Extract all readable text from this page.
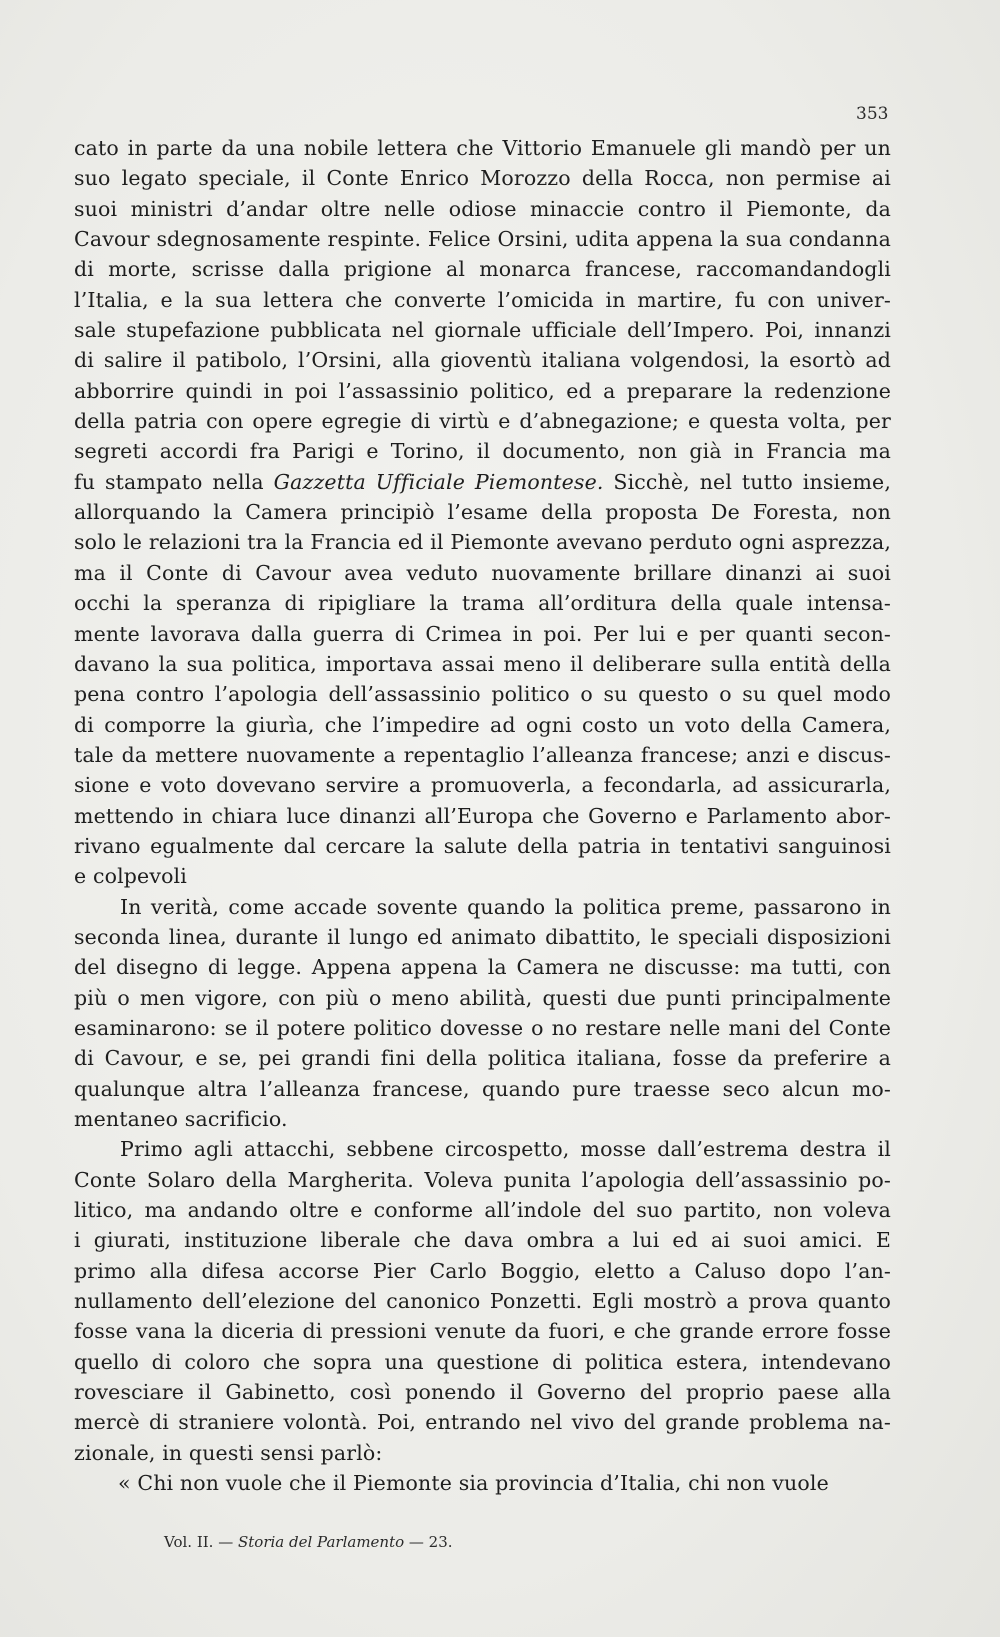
353
cato in parte da una nobile lettera che Vittorio Emanuele gli mandò per un
suo legato speciale, il Conte Enrico Morozzo della Rocca, non permise ai
suoi ministri d’andar oltre nelle odiose minaccie contro il Piemonte, da
Cavour sdegnosamente respinte. Felice Orsini, udita appena la sua condanna
di morte, scrisse dalla prigione al monarca francese, raccomandandogli
l’Italia, e la sua lettera che converte l’omicida in martire, fu con univer-
sale stupefazione pubblicata nel giornale ufficiale dell’Impero. Poi, innanzi
di salire il patibolo, l’Orsini, alla gioventù italiana volgendosi, la esortò ad
abborrire quindi in poi l’assassinio politico, ed a preparare la redenzione
della patria con opere egregie di virtù e d’abnegazione; e questa volta, per
segreti accordi fra Parigi e Torino, il documento, non già in Francia ma
fu stampato nella Gazzetta Ufficiale Piemontese. Sicchè, nel tutto insieme,
allorquando la Camera principiò l’esame della proposta De Foresta, non
solo le relazioni tra la Francia ed il Piemonte avevano perduto ogni asprezza,
ma il Conte di Cavour avea veduto nuovamente brillare dinanzi ai suoi
occhi la speranza di ripigliare la trama all’orditura della quale intensa-
mente lavorava dalla guerra di Crimea in poi. Per lui e per quanti secon-
davano la sua politica, importava assai meno il deliberare sulla entità della
pena contro l’apologia dell’assassinio politico o su questo o su quel modo
di comporre la giurìa, che l’impedire ad ogni costo un voto della Camera,
tale da mettere nuovamente a repentaglio l’alleanza francese; anzi e discus-
sione e voto dovevano servire a promuoverla, a fecondarla, ad assicurarla,
mettendo in chiara luce dinanzi all’Europa che Governo e Parlamento abor-
rivano egualmente dal cercare la salute della patria in tentativi sanguinosi
e colpevoli
In verità, come accade sovente quando la politica preme, passarono in
seconda linea, durante il lungo ed animato dibattito, le speciali disposizioni
del disegno di legge. Appena appena la Camera ne discusse: ma tutti, con
più o men vigore, con più o meno abilità, questi due punti principalmente
esaminarono: se il potere politico dovesse o no restare nelle mani del Conte
di Cavour, e se, pei grandi fini della politica italiana, fosse da preferire a
qualunque altra l’alleanza francese, quando pure traesse seco alcun mo-
mentaneo sacrificio.
Primo agli attacchi, sebbene circospetto, mosse dall’estrema destra il
Conte Solaro della Margherita. Voleva punita l’apologia dell’assassinio po-
litico, ma andando oltre e conforme all’indole del suo partito, non voleva
i giurati, instituzione liberale che dava ombra a lui ed ai suoi amici. E
primo alla difesa accorse Pier Carlo Boggio, eletto a Caluso dopo l’an-
nullamento dell’elezione del canonico Ponzetti. Egli mostrò a prova quanto
fosse vana la diceria di pressioni venute da fuori, e che grande errore fosse
quello di coloro che sopra una questione di politica estera, intendevano
rovesciare il Gabinetto, così ponendo il Governo del proprio paese alla
mercè di straniere volontà. Poi, entrando nel vivo del grande problema na-
zionale, in questi sensi parlò:
« Chi non vuole che il Piemonte sia provincia d’Italia, chi non vuole
Vol. II. — Storia del Parlamento — 23.
